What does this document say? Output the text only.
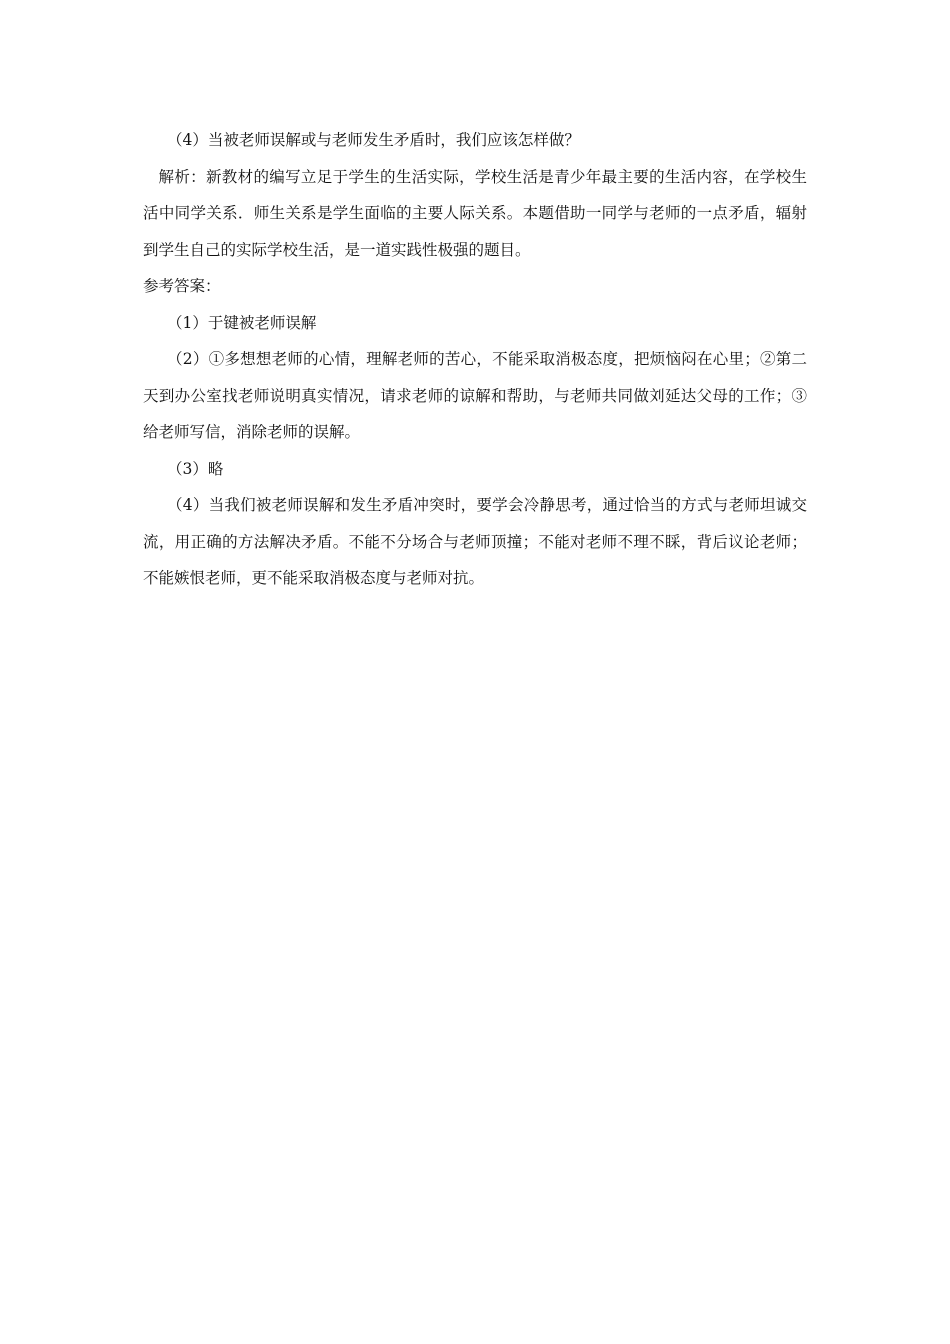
（4）当被老师误解或与老师发生矛盾时，我们应该怎样做？

解析：新教材的编写立足于学生的生活实际，学校生活是青少年最主要的生活内容，在学校生活中同学关系．师生关系是学生面临的主要人际关系。本题借助一同学与老师的一点矛盾，辐射到学生自己的实际学校生活，是一道实践性极强的题目。

参考答案：

（1）于键被老师误解

（2）①多想想老师的心情，理解老师的苦心，不能采取消极态度，把烦恼闷在心里；②第二天到办公室找老师说明真实情况，请求老师的谅解和帮助，与老师共同做刘延达父母的工作；③给老师写信，消除老师的误解。

（3）略

（4）当我们被老师误解和发生矛盾冲突时，要学会冷静思考，通过恰当的方式与老师坦诚交流，用正确的方法解决矛盾。不能不分场合与老师顶撞；不能对老师不理不睬，背后议论老师；不能嫉恨老师，更不能采取消极态度与老师对抗。
